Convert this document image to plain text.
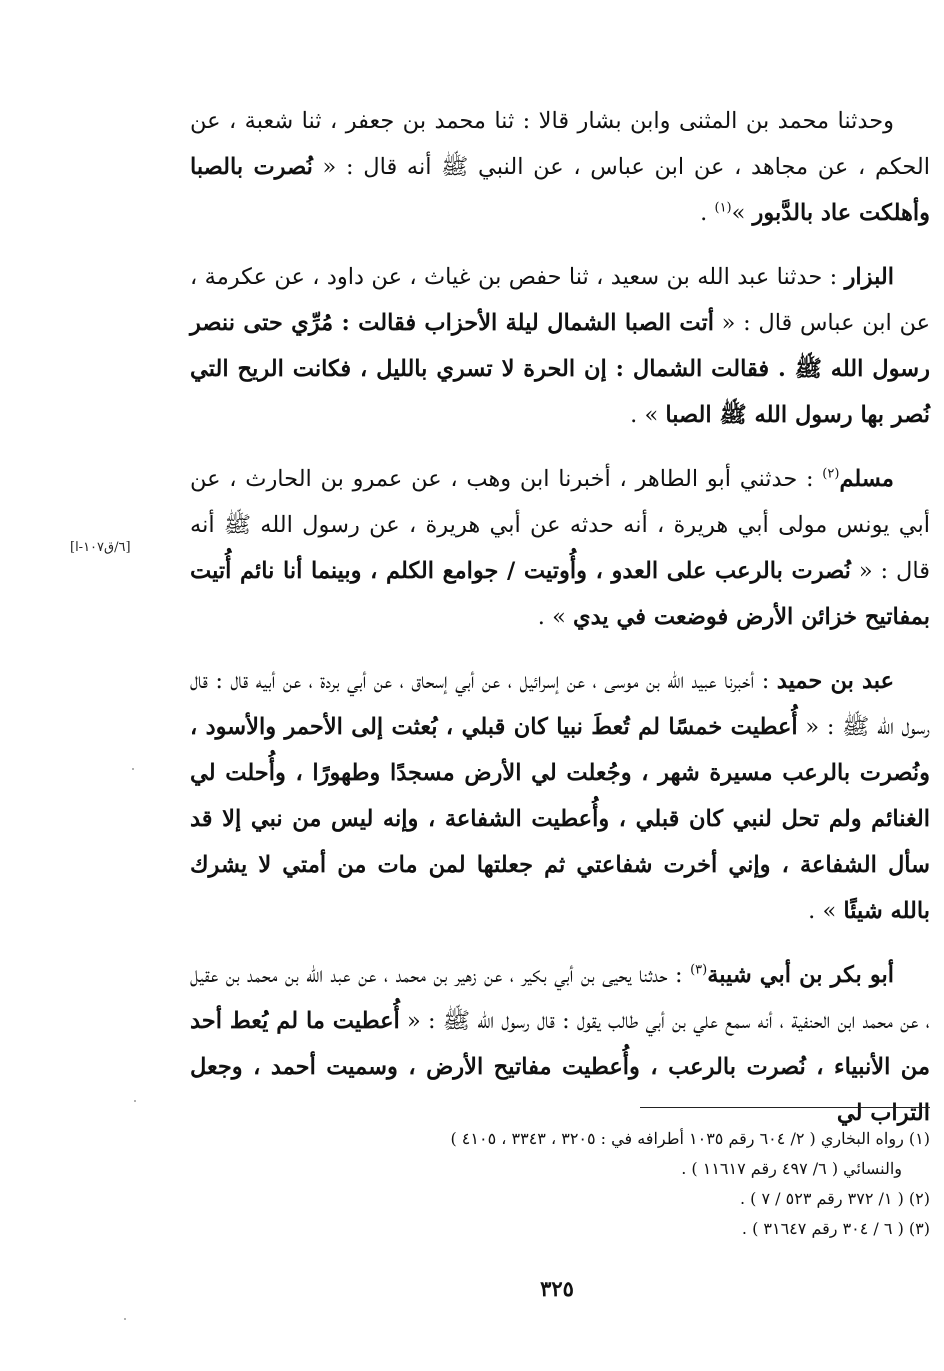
وحدثنا محمد بن المثنى وابن بشار قالا : ثنا محمد بن جعفر ، ثنا شعبة ، عن الحكم ، عن مجاهد ، عن ابن عباس ، عن النبي ﷺ أنه قال : « نُصرت بالصبا وأهلكت عاد بالدَّبور »$^{(١)}$ .

البزار : حدثنا عبد الله بن سعيد ، ثنا حفص بن غياث ، عن داود ، عن عكرمة ، عن ابن عباس قال : « أتت الصبا الشمال ليلة الأحزاب فقالت : مُرِّي حتى ننصر رسول الله ﷺ . فقالت الشمال : إن الحرة لا تسري بالليل ، فكانت الريح التي نُصر بها رسول الله ﷺ الصبا » .

مسلم$^{(٢)}$ : حدثني أبو الطاهر ، أخبرنا ابن وهب ، عن عمرو بن الحارث ، عن أبي يونس مولى أبي هريرة ، أنه حدثه عن أبي هريرة ، عن رسول الله ﷺ أنه قال : « نُصرت بالرعب على العدو ، وأُوتيت / جوامع الكلم ، وبينما أنا نائم أُتيت بمفاتيح خزائن الأرض فوضعت في يدي » .

عبد بن حميد : أخبرنا عبيد الله بن موسى ، عن إسرائيل ، عن أبي إسحاق ، عن أبي بردة ، عن أبيه قال : قال رسول الله ﷺ : « أُعطيت خمسًا لم تُعطَ نبيا كان قبلي ، بُعثت إلى الأحمر والأسود ، ونُصرت بالرعب مسيرة شهر ، وجُعلت لي الأرض مسجدًا وطهورًا ، وأُحلت لي الغنائم ولم تحل لنبي كان قبلي ، وأُعطيت الشفاعة ، وإنه ليس من نبي إلا قد سأل الشفاعة ، وإني أخرت شفاعتي ثم جعلتها لمن مات من أمتي لا يشرك بالله شيئًا » .

أبو بكر بن أبي شيبة$^{(٣)}$ : حدثنا يحيى بن أبي بكير ، عن زهير بن محمد ، عن عبد الله بن محمد بن عقيل ، عن محمد ابن الحنفية ، أنه سمع علي بن أبي طالب يقول : قال رسول الله ﷺ : « أُعطيت ما لم يُعط أحد من الأنبياء ، نُصرت بالرعب ، وأُعطيت مفاتيح الأرض ، وسميت أحمد ، وجعل التراب لي

[٦/ق١٠٧-ا]

(١) رواه البخاري ( ٢/ ٦٠٤ رقم ١٠٣٥ أطرافه في : ٣٢٠٥ ، ٣٣٤٣ ، ٤١٠٥ )

والنسائي ( ٦/ ٤٩٧ رقم ١١٦١٧ ) .

(٢) ( ١/ ٣٧٢ رقم ٥٢٣ / ٧ ) .

(٣) ( ٦ / ٣٠٤ رقم ٣١٦٤٧ ) .

٣٢٥
